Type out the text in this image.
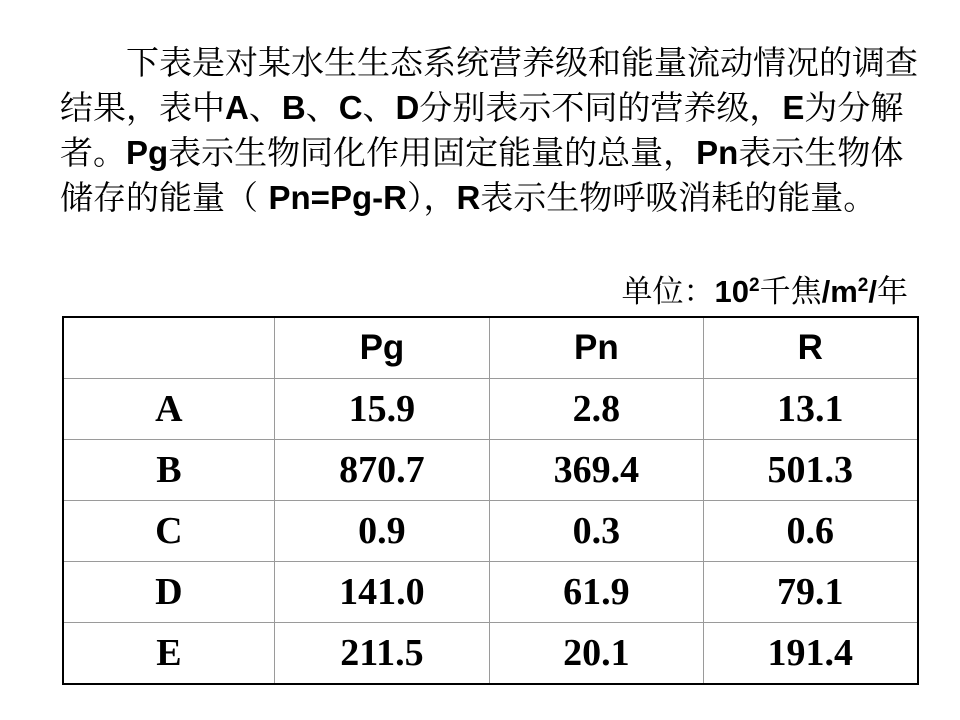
下表是对某水生生态系统营养级和能量流动情况的调查结果，表中A、B、C、D分别表示不同的营养级，E为分解者。Pg表示生物同化作用固定能量的总量，Pn表示生物体储存的能量（ Pn=Pg-R），R表示生物呼吸消耗的能量。

单位：$10^2$千焦$/m^2/$年
	Pg	Pn	R
A	15.9	2.8	13.1
B	870.7	369.4	501.3
C	0.9	0.3	0.6
D	141.0	61.9	79.1
E	211.5	20.1	191.4
